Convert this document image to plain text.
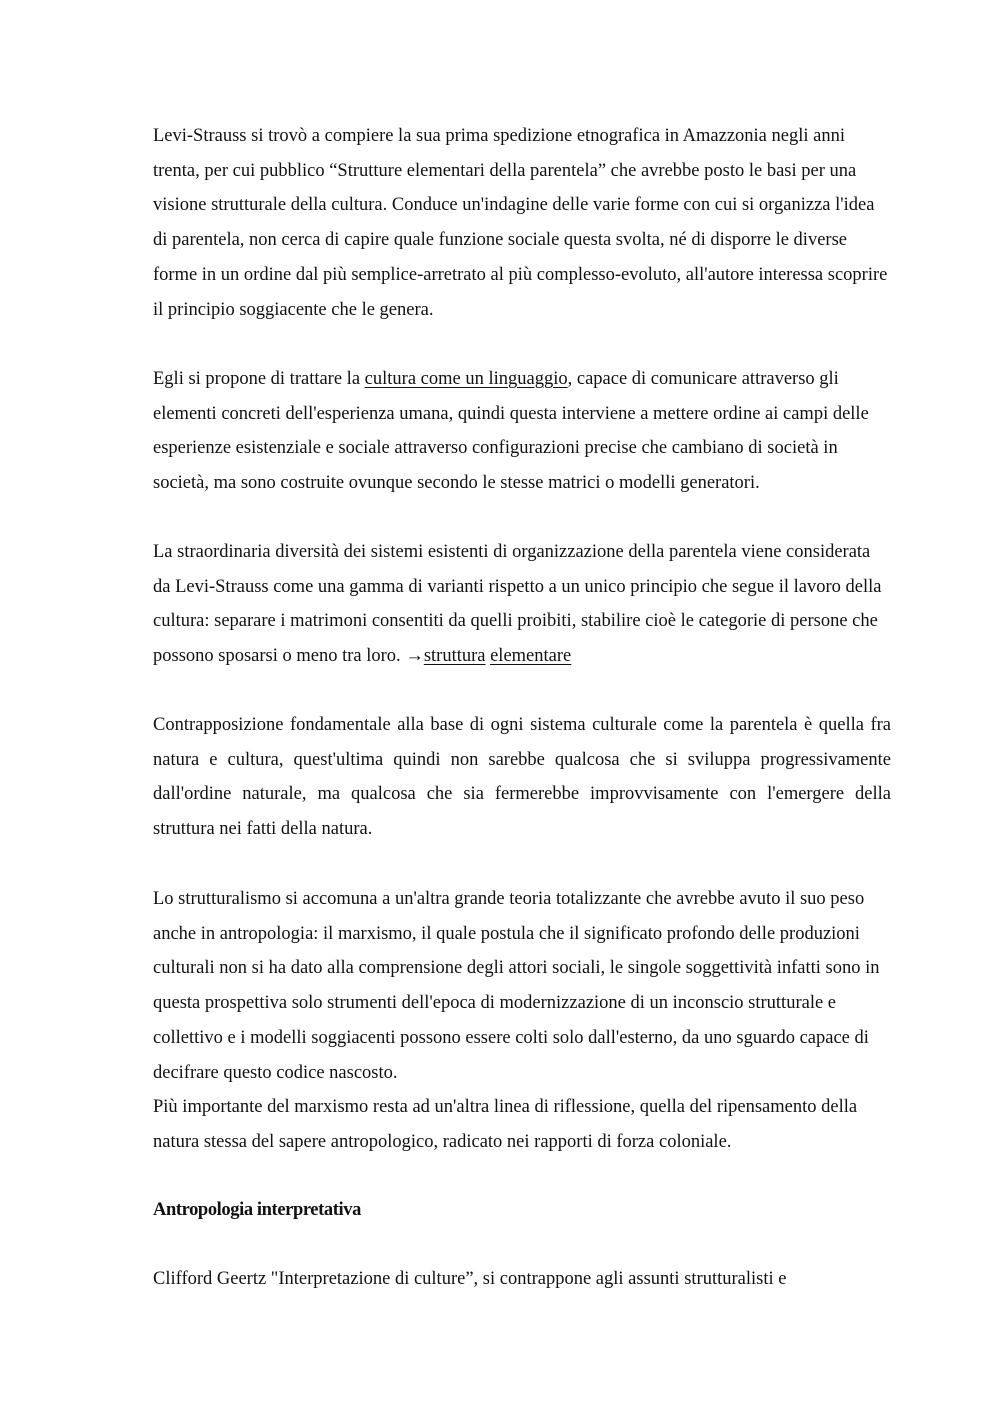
Levi-Strauss si trovò a compiere la sua prima spedizione etnografica in Amazzonia negli anni trenta, per cui pubblico “Strutture elementari della parentela” che avrebbe posto le basi per una visione strutturale della cultura. Conduce un'indagine delle varie forme con cui si organizza l'idea di parentela, non cerca di capire quale funzione sociale questa svolta, né di disporre le diverse forme in un ordine dal più semplice-arretrato al più complesso-evoluto, all'autore interessa scoprire il principio soggiacente che le genera.

Egli si propone di trattare la cultura come un linguaggio, capace di comunicare attraverso gli elementi concreti dell'esperienza umana, quindi questa interviene a mettere ordine ai campi delle esperienze esistenziale e sociale attraverso configurazioni precise che cambiano di società in società, ma sono costruite ovunque secondo le stesse matrici o modelli generatori.

La straordinaria diversità dei sistemi esistenti di organizzazione della parentela viene considerata da Levi-Strauss come una gamma di varianti rispetto a un unico principio che segue il lavoro della cultura: separare i matrimoni consentiti da quelli proibiti, stabilire cioè le categorie di persone che possono sposarsi o meno tra loro. →struttura elementare

Contrapposizione fondamentale alla base di ogni sistema culturale come la parentela è quella fra natura e cultura, quest'ultima quindi non sarebbe qualcosa che si sviluppa progressivamente dall'ordine naturale, ma qualcosa che sia fermerebbe improvvisamente con l'emergere della struttura nei fatti della natura.

Lo strutturalismo si accomuna a un'altra grande teoria totalizzante che avrebbe avuto il suo peso anche in antropologia: il marxismo, il quale postula che il significato profondo delle produzioni culturali non si ha dato alla comprensione degli attori sociali, le singole soggettività infatti sono in questa prospettiva solo strumenti dell'epoca di modernizzazione di un inconscio strutturale e collettivo e i modelli soggiacenti possono essere colti solo dall'esterno, da uno sguardo capace di decifrare questo codice nascosto.

Più importante del marxismo resta ad un'altra linea di riflessione, quella del ripensamento della natura stessa del sapere antropologico, radicato nei rapporti di forza coloniale.

Antropologia interpretativa

Clifford Geertz "Interpretazione di culture”, si contrappone agli assunti strutturalisti e
